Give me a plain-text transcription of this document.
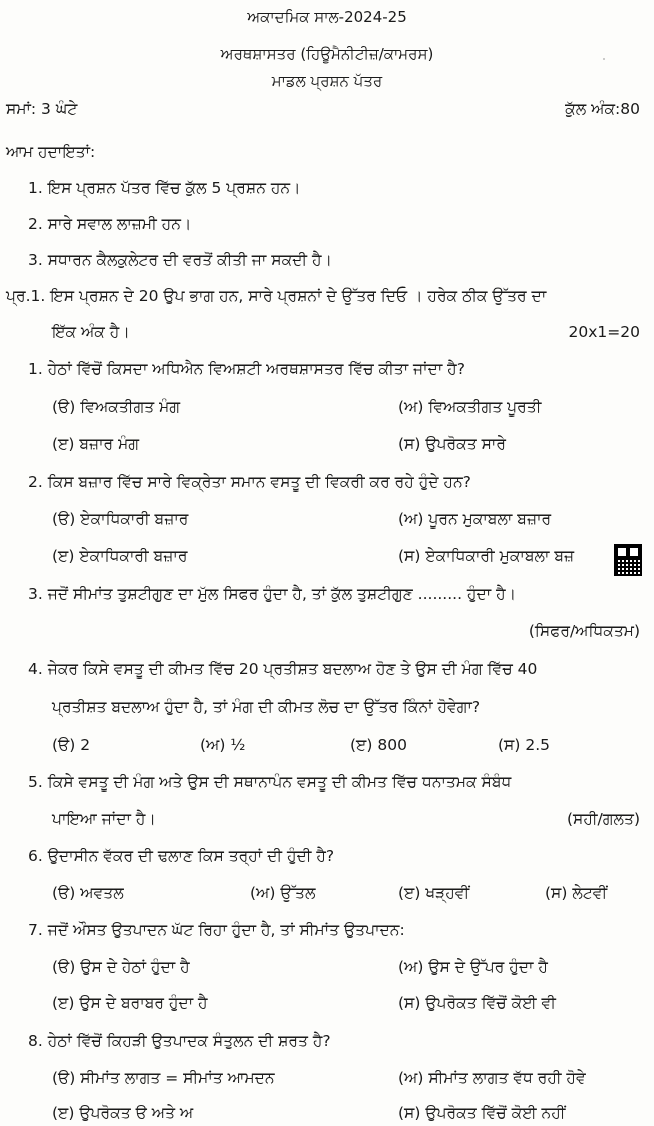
ਅਕਾਦਮਿਕ ਸਾਲ-2024-25
ਅਰਥਸ਼ਾਸਤਰ (ਹਿਊਮੈਨੀਟੀਜ਼/ਕਾਮਰਸ)
ਮਾਡਲ ਪ੍ਰਸ਼ਨ ਪੱਤਰ
ਸਮਾਂ: 3 ਘੰਟੇ	ਕੁੱਲ ਅੰਕ:80
ਆਮ ਹਦਾਇਤਾਂ:
1. ਇਸ ਪ੍ਰਸ਼ਨ ਪੱਤਰ ਵਿੱਚ ਕੁੱਲ 5 ਪ੍ਰਸ਼ਨ ਹਨ।
2. ਸਾਰੇ ਸਵਾਲ ਲਾਜ਼ਮੀ ਹਨ।
3. ਸਧਾਰਨ ਕੈਲਕੁਲੇਟਰ ਦੀ ਵਰਤੋਂ ਕੀਤੀ ਜਾ ਸਕਦੀ ਹੈ।
ਪ੍ਰ.1. ਇਸ ਪ੍ਰਸ਼ਨ ਦੇ 20 ਉਪ ਭਾਗ ਹਨ, ਸਾਰੇ ਪ੍ਰਸ਼ਨਾਂ ਦੇ ਉੱਤਰ ਦਿਓ । ਹਰੇਕ ਠੀਕ ਉੱਤਰ ਦਾ
ਇੱਕ ਅੰਕ ਹੈ।	20x1=20
1. ਹੇਠਾਂ ਵਿੱਚੋਂ ਕਿਸਦਾ ਅਧਿਐਨ ਵਿਅਸ਼ਟੀ ਅਰਥਸ਼ਾਸਤਰ ਵਿੱਚ ਕੀਤਾ ਜਾਂਦਾ ਹੈ?
(ੳ) ਵਿਅਕਤੀਗਤ ਮੰਗ	(ਅ) ਵਿਅਕਤੀਗਤ ਪੂਰਤੀ
(ੲ) ਬਜ਼ਾਰ ਮੰਗ	(ਸ) ਉਪਰੋਕਤ ਸਾਰੇ
2. ਕਿਸ ਬਜ਼ਾਰ ਵਿੱਚ ਸਾਰੇ ਵਿਕ੍ਰੇਤਾ ਸਮਾਨ ਵਸਤੂ ਦੀ ਵਿਕਰੀ ਕਰ ਰਹੇ ਹੁੰਦੇ ਹਨ?
(ੳ) ਏਕਾਧਿਕਾਰੀ ਬਜ਼ਾਰ	(ਅ) ਪੂਰਨ ਮੁਕਾਬਲਾ ਬਜ਼ਾਰ
(ੲ) ਏਕਾਧਿਕਾਰੀ ਬਜ਼ਾਰ	(ਸ) ਏਕਾਧਿਕਾਰੀ ਮੁਕਾਬਲਾ ਬਜ਼
3. ਜਦੋਂ ਸੀਮਾਂਤ ਤੁਸ਼ਟੀਗੁਣ ਦਾ ਮੁੱਲ ਸਿਫਰ ਹੁੰਦਾ ਹੈ, ਤਾਂ ਕੁੱਲ ਤੁਸ਼ਟੀਗੁਣ ......... ਹੁੰਦਾ ਹੈ।
(ਸਿਫਰ/ਅਧਿਕਤਮ)
4. ਜੇਕਰ ਕਿਸੇ ਵਸਤੂ ਦੀ ਕੀਮਤ ਵਿੱਚ 20 ਪ੍ਰਤੀਸ਼ਤ ਬਦਲਾਅ ਹੋਣ ਤੇ ਉਸ ਦੀ ਮੰਗ ਵਿੱਚ 40
ਪ੍ਰਤੀਸ਼ਤ ਬਦਲਾਅ ਹੁੰਦਾ ਹੈ, ਤਾਂ ਮੰਗ ਦੀ ਕੀਮਤ ਲੋਚ ਦਾ ਉੱਤਰ ਕਿੰਨਾਂ ਹੋਵੇਗਾ?
(ੳ) 2	(ਅ) ½	(ੲ) 800	(ਸ) 2.5
5. ਕਿਸੇ ਵਸਤੂ ਦੀ ਮੰਗ ਅਤੇ ਉਸ ਦੀ ਸਥਾਨਾਪੰਨ ਵਸਤੂ ਦੀ ਕੀਮਤ ਵਿੱਚ ਧਨਾਤਮਕ ਸੰਬੰਧ
ਪਾਇਆ ਜਾਂਦਾ ਹੈ।	(ਸਹੀ/ਗਲਤ)
6. ਉਦਾਸੀਨ ਵੱਕਰ ਦੀ ਢਲਾਣ ਕਿਸ ਤਰ੍ਹਾਂ ਦੀ ਹੁੰਦੀ ਹੈ?
(ੳ) ਅਵਤਲ	(ਅ) ਉੱਤਲ	(ੲ) ਖੜ੍ਹਵੀਂ	(ਸ) ਲੇਟਵੀਂ
7. ਜਦੋਂ ਔਸਤ ਉਤਪਾਦਨ ਘੱਟ ਰਿਹਾ ਹੁੰਦਾ ਹੈ, ਤਾਂ ਸੀਮਾਂਤ ਉਤਪਾਦਨ:
(ੳ) ਉਸ ਦੇ ਹੇਠਾਂ ਹੁੰਦਾ ਹੈ	(ਅ) ਉਸ ਦੇ ਉੱਪਰ ਹੁੰਦਾ ਹੈ
(ੲ) ਉਸ ਦੇ ਬਰਾਬਰ ਹੁੰਦਾ ਹੈ	(ਸ) ਉਪਰੋਕਤ ਵਿੱਚੋਂ ਕੋਈ ਵੀ
8. ਹੇਠਾਂ ਵਿੱਚੋਂ ਕਿਹੜੀ ਉਤਪਾਦਕ ਸੰਤੁਲਨ ਦੀ ਸ਼ਰਤ ਹੈ?
(ੳ) ਸੀਮਾਂਤ ਲਾਗਤ = ਸੀਮਾਂਤ ਆਮਦਨ	(ਅ) ਸੀਮਾਂਤ ਲਾਗਤ ਵੱਧ ਰਹੀ ਹੋਵੇ
(ੲ) ਉਪਰੋਕਤ ੳ ਅਤੇ ਅ	(ਸ) ਉਪਰੋਕਤ ਵਿੱਚੋਂ ਕੋਈ ਨਹੀਂ
